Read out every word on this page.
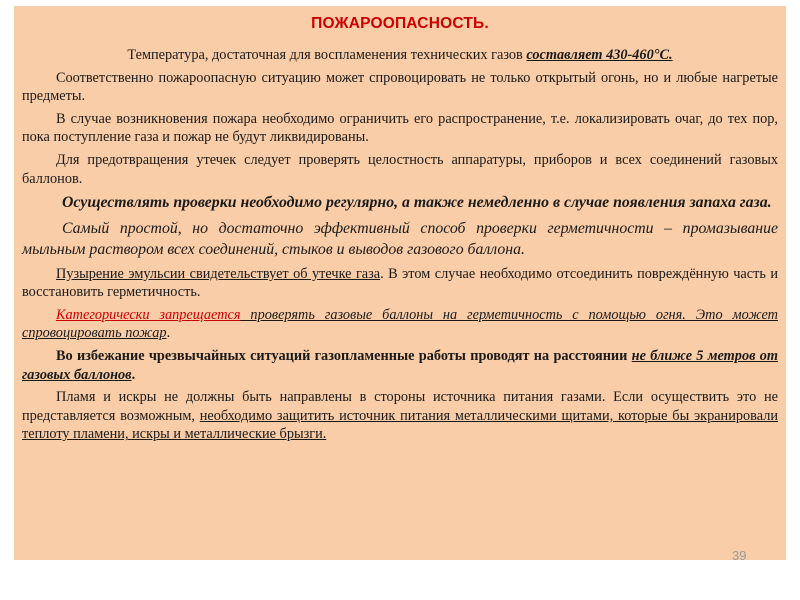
ПОЖАРООПАСНОСТЬ.

Температура, достаточная для воспламенения технических газов составляет 430-460°С.

Соответственно пожароопасную ситуацию может спровоцировать не только открытый огонь, но и любые нагретые предметы.

В случае возникновения пожара необходимо ограничить его распространение, т.е. локализировать очаг, до тех пор, пока поступление газа и пожар не будут ликвидированы.

Для предотвращения утечек следует проверять целостность аппаратуры, приборов и всех соединений газовых баллонов.

Осуществлять проверки необходимо регулярно, а также немедленно в случае появления запаха газа.

Самый простой, но достаточно эффективный способ проверки герметичности – промазывание мыльным раствором всех соединений, стыков и выводов газового баллона.

Пузырение эмульсии свидетельствует об утечке газа. В этом случае необходимо отсоединить повреждённую часть и восстановить герметичность.

Категорически запрещается проверять газовые баллоны на герметичность с помощью огня. Это может спровоцировать пожар.

Во избежание чрезвычайных ситуаций газопламенные работы проводят на расстоянии не ближе 5 метров от газовых баллонов.

Пламя и искры не должны быть направлены в стороны источника питания газами. Если осуществить это не представляется возможным, необходимо защитить источник питания металлическими щитами, которые бы экранировали теплоту пламени, искры и металлические брызги.

39
